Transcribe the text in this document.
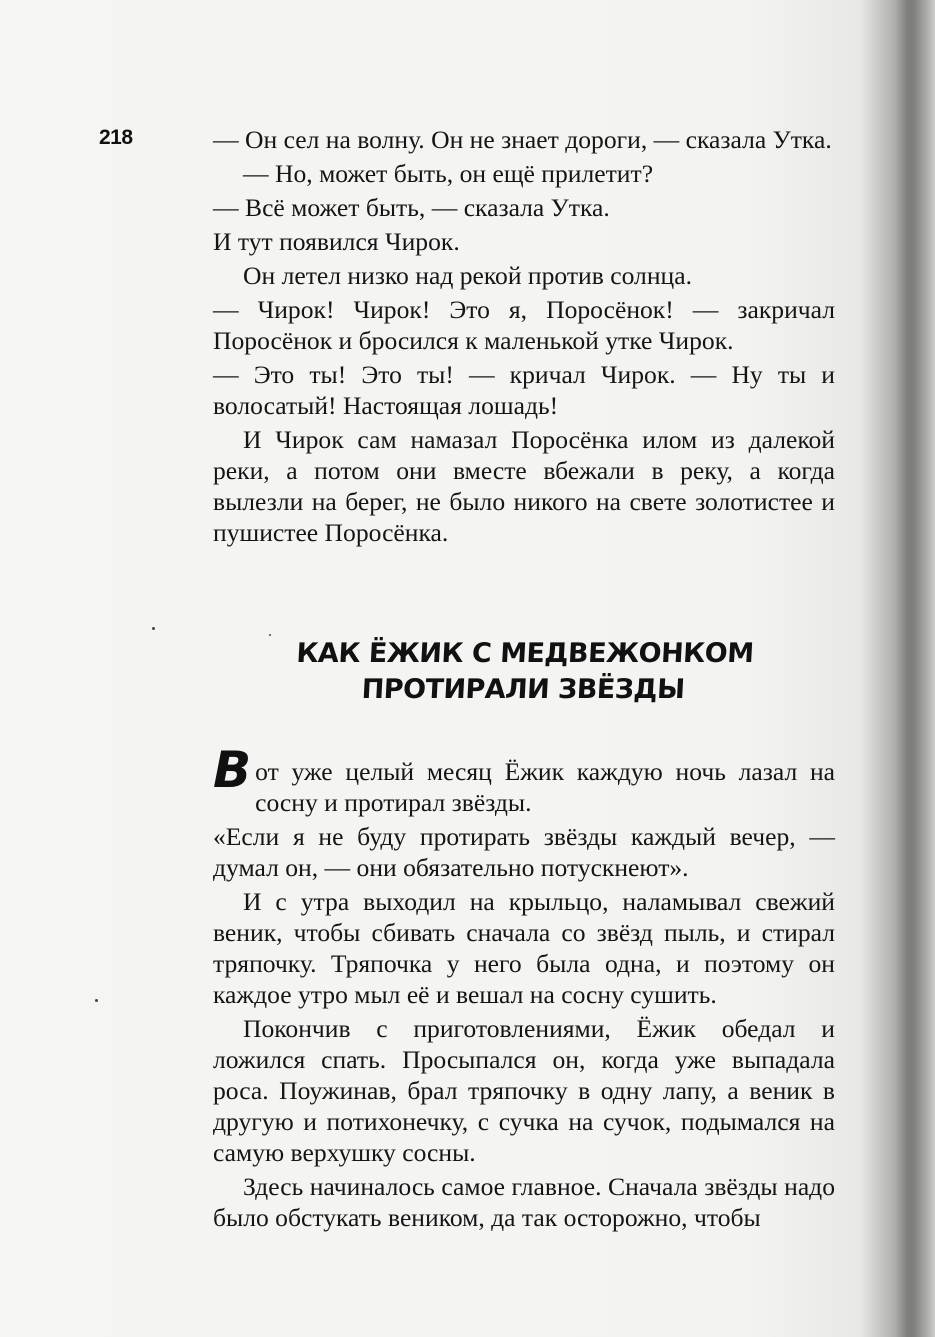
218	— Он сел на волну. Он не знает дороги, — сказала Утка.

— Но, может быть, он ещё прилетит?

— Всё может быть, — сказала Утка.

И тут появился Чирок.

Он летел низко над рекой против солнца.

— Чирок! Чирок! Это я, Поросёнок! — закричал Поросёнок и бросился к маленькой утке Чирок.

— Это ты! Это ты! — кричал Чирок. — Ну ты и волосатый! Настоящая лошадь!

И Чирок сам намазал Поросёнка илом из далекой реки, а потом они вместе вбежали в реку, а когда вылезли на берег, не было никого на свете золотистее и пушистее Поросёнка.

КАК ЁЖИК С МЕДВЕЖОНКОМ
ПРОТИРАЛИ ЗВЁЗДЫ

Вот уже целый месяц Ёжик каждую ночь лазал на сосну и протирал звёзды.

«Если я не буду протирать звёзды каждый вечер, — думал он, — они обязательно потускнеют».

И с утра выходил на крыльцо, наламывал свежий веник, чтобы сбивать сначала со звёзд пыль, и стирал тряпочку. Тряпочка у него была одна, и поэтому он каждое утро мыл её и вешал на сосну сушить.

Покончив с приготовлениями, Ёжик обедал и ложился спать. Просыпался он, когда уже выпадала роса. Поужинав, брал тряпочку в одну лапу, а веник в другую и потихонечку, с сучка на сучок, подымался на самую верхушку сосны.

Здесь начиналось самое главное. Сначала звёзды надо было обстукать веником, да так осторожно, чтобы
